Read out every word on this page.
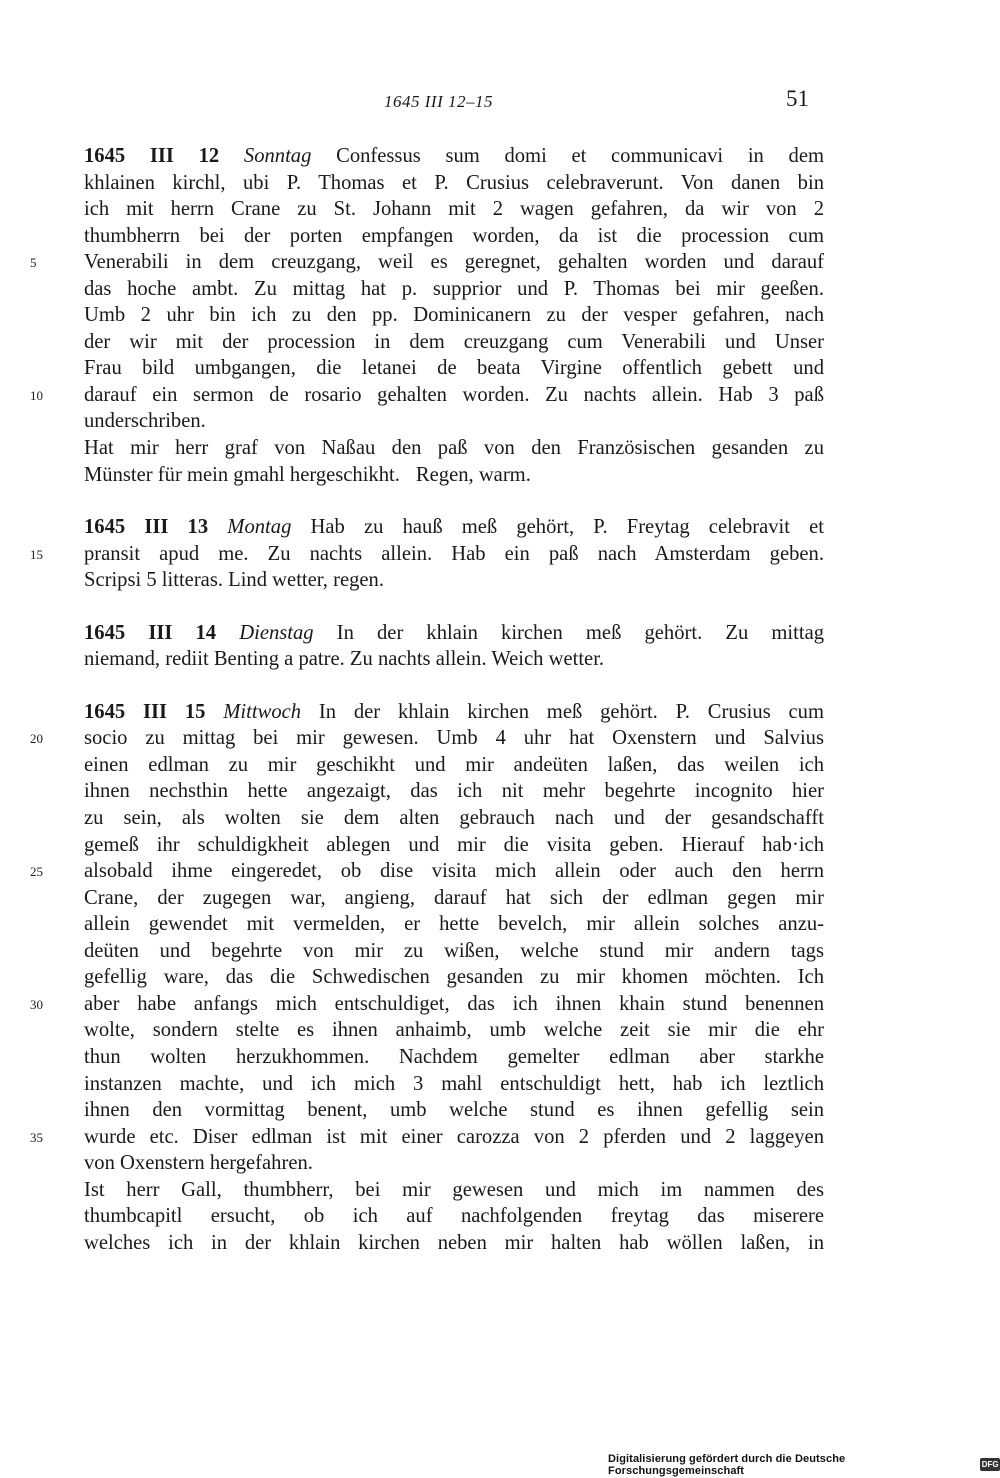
1645 III 12–15	51
1645 III 12 Sonntag Confessus sum domi et communicavi in dem
khlainen kirchl, ubi P. Thomas et P. Crusius celebraverunt. Von danen bin
ich mit herrn Crane zu St. Johann mit 2 wagen gefahren, da wir von 2
thumbherrn bei der porten empfangen worden, da ist die procession cum
5	Venerabili in dem creuzgang, weil es geregnet, gehalten worden und darauf
das hoche ambt. Zu mittag hat p. supprior und P. Thomas bei mir geeßen.
Umb 2 uhr bin ich zu den pp. Dominicanern zu der vesper gefahren, nach
der wir mit der procession in dem creuzgang cum Venerabili und Unser
Frau bild umbgangen, die letanei de beata Virgine offentlich gebett und
10	darauf ein sermon de rosario gehalten worden. Zu nachts allein. Hab 3 paß
underschriben.
Hat mir herr graf von Naßau den paß von den Französischen gesanden zu
Münster für mein gmahl hergeschikht. Regen, warm.
1645 III 13 Montag Hab zu hauß meß gehört, P. Freytag celebravit et
15	pransit apud me. Zu nachts allein. Hab ein paß nach Amsterdam geben.
Scripsi 5 litteras. Lind wetter, regen.
1645 III 14 Dienstag In der khlain kirchen meß gehört. Zu mittag
niemand, rediit Benting a patre. Zu nachts allein. Weich wetter.
1645 III 15 Mittwoch In der khlain kirchen meß gehört. P. Crusius cum
20	socio zu mittag bei mir gewesen. Umb 4 uhr hat Oxenstern und Salvius
einen edlman zu mir geschikht und mir andeüten laßen, das weilen ich
ihnen nechsthin hette angezaigt, das ich nit mehr begehrte incognito hier
zu sein, als wolten sie dem alten gebrauch nach und der gesandschafft
gemeß ihr schuldigkheit ablegen und mir die visita geben. Hierauf hab·ich
25	alsobald ihme eingeredet, ob dise visita mich allein oder auch den herrn
Crane, der zugegen war, angieng, darauf hat sich der edlman gegen mir
allein gewendet mit vermelden, er hette bevelch, mir allein solches anzu-
deüten und begehrte von mir zu wißen, welche stund mir andern tags
gefellig ware, das die Schwedischen gesanden zu mir khomen möchten. Ich
30	aber habe anfangs mich entschuldiget, das ich ihnen khain stund benennen
wolte, sondern stelte es ihnen anhaimb, umb welche zeit sie mir die ehr
thun wolten herzukhommen. Nachdem gemelter edlman aber starkhe
instanzen machte, und ich mich 3 mahl entschuldigt hett, hab ich leztlich
ihnen den vormittag benent, umb welche stund es ihnen gefellig sein
35	wurde etc. Diser edlman ist mit einer carozza von 2 pferden und 2 laggeyen
von Oxenstern hergefahren.
Ist herr Gall, thumbherr, bei mir gewesen und mich im nammen des
thumbcapitl ersucht, ob ich auf nachfolgenden freytag das miserere
welches ich in der khlain kirchen neben mir halten hab wöllen laßen, in
Digitalisierung gefördert durch die Deutsche Forschungsgemeinschaft	DFG
